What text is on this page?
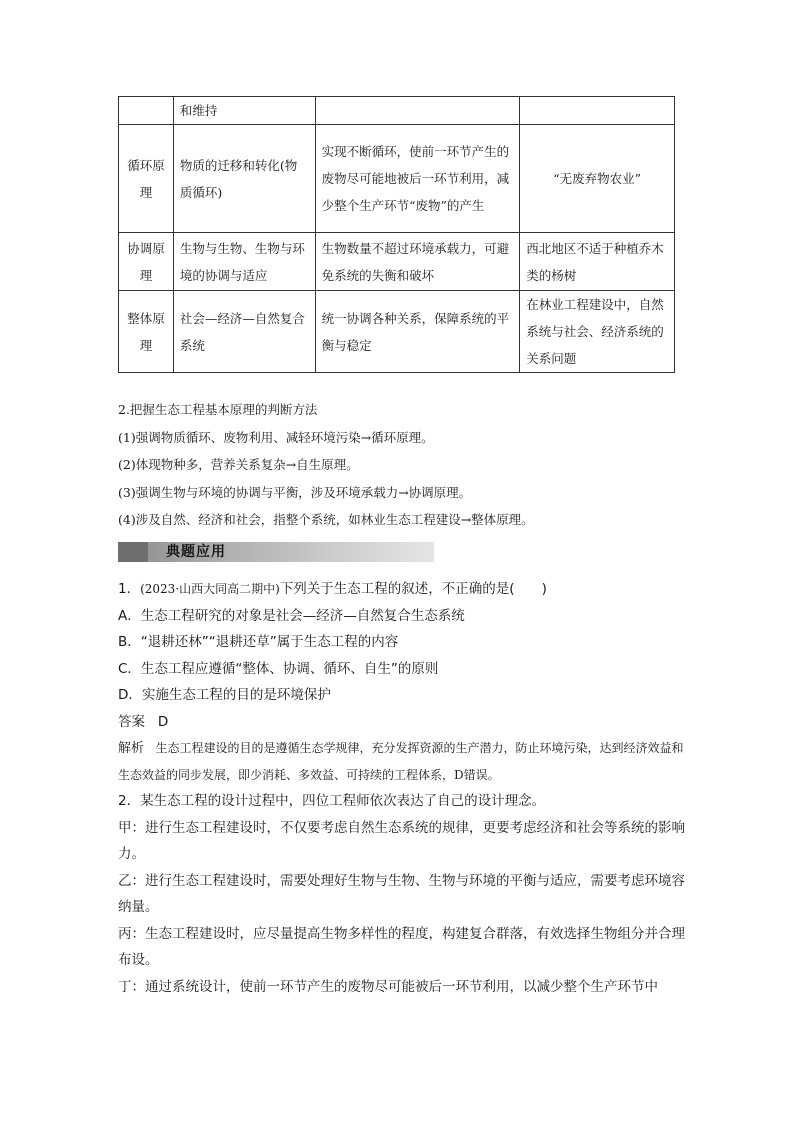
	和维持		
循环原理	物质的迁移和转化(物质循环)	实现不断循环，使前一环节产生的废物尽可能地被后一环节利用，减少整个生产环节“废物”的产生	“无废弃物农业”
协调原理	生物与生物、生物与环境的协调与适应	生物数量不超过环境承载力，可避免系统的失衡和破坏	西北地区不适于种植乔木类的杨树
整体原理	社会—经济—自然复合系统	统一协调各种关系，保障系统的平衡与稳定	在林业工程建设中，自然系统与社会、经济系统的关系问题

2.把握生态工程基本原理的判断方法

(1)强调物质循环、废物利用、减轻环境污染→循环原理。

(2)体现物种多，营养关系复杂→自生原理。

(3)强调生物与环境的协调与平衡，涉及环境承载力→协调原理。

(4)涉及自然、经济和社会，指整个系统，如林业生态工程建设→整体原理。

典题应用

1．(2023·山西大同高二期中)下列关于生态工程的叙述，不正确的是(　　)

A．生态工程研究的对象是社会—经济—自然复合生态系统

B．“退耕还林”“退耕还草”属于生态工程的内容

C．生态工程应遵循“整体、协调、循环、自生”的原则

D．实施生态工程的目的是环境保护

答案 D

解析 生态工程建设的目的是遵循生态学规律，充分发挥资源的生产潜力，防止环境污染，达到经济效益和生态效益的同步发展，即少消耗、多效益、可持续的工程体系，D错误。

2．某生态工程的设计过程中，四位工程师依次表达了自己的设计理念。

甲：进行生态工程建设时，不仅要考虑自然生态系统的规律，更要考虑经济和社会等系统的影响力。

乙：进行生态工程建设时，需要处理好生物与生物、生物与环境的平衡与适应，需要考虑环境容纳量。

丙：生态工程建设时，应尽量提高生物多样性的程度，构建复合群落，有效选择生物组分并合理布设。

丁：通过系统设计，使前一环节产生的废物尽可能被后一环节利用，以减少整个生产环节中
